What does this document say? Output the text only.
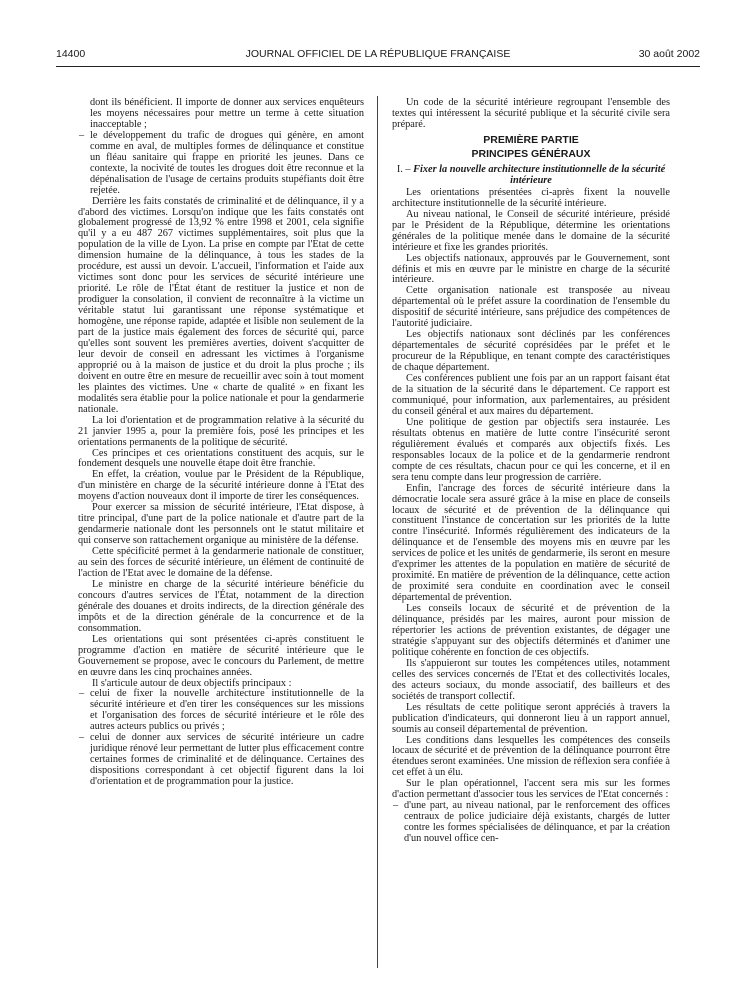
14400	JOURNAL OFFICIEL DE LA RÉPUBLIQUE FRANÇAISE	30 août 2002

dont ils bénéficient. Il importe de donner aux services enquêteurs les moyens nécessaires pour mettre un terme à cette situation inacceptable ;

– le développement du trafic de drogues qui génère, en amont comme en aval, de multiples formes de délinquance et constitue un fléau sanitaire qui frappe en priorité les jeunes. Dans ce contexte, la nocivité de toutes les drogues doit être reconnue et la dépénalisation de l'usage de certains produits stupéfiants doit être rejetée.

Derrière les faits constatés de criminalité et de délinquance, il y a d'abord des victimes. Lorsqu'on indique que les faits constatés ont globalement progressé de 13,92 % entre 1998 et 2001, cela signifie qu'il y a eu 487 267 victimes supplémentaires, soit plus que la population de la ville de Lyon. La prise en compte par l'Etat de cette dimension humaine de la délinquance, à tous les stades de la procédure, est aussi un devoir. L'accueil, l'information et l'aide aux victimes sont donc pour les services de sécurité intérieure une priorité. Le rôle de l'État étant de restituer la justice et non de prodiguer la consolation, il convient de reconnaître à la victime un véritable statut lui garantissant une réponse systématique et homogène, une réponse rapide, adaptée et lisible non seulement de la part de la justice mais également des forces de sécurité qui, parce qu'elles sont souvent les premières averties, doivent s'acquitter de leur devoir de conseil en adressant les victimes à l'organisme approprié ou à la maison de justice et du droit la plus proche ; ils doivent en outre être en mesure de recueillir avec soin à tout moment les plaintes des victimes. Une « charte de qualité » en fixant les modalités sera établie pour la police nationale et pour la gendarmerie nationale.

La loi d'orientation et de programmation relative à la sécurité du 21 janvier 1995 a, pour la première fois, posé les principes et les orientations permanents de la politique de sécurité.

Ces principes et ces orientations constituent des acquis, sur le fondement desquels une nouvelle étape doit être franchie.

En effet, la création, voulue par le Président de la République, d'un ministère en charge de la sécurité intérieure donne à l'Etat des moyens d'action nouveaux dont il importe de tirer les conséquences.

Pour exercer sa mission de sécurité intérieure, l'Etat dispose, à titre principal, d'une part de la police nationale et d'autre part de la gendarmerie nationale dont les personnels ont le statut militaire et qui conserve son rattachement organique au ministère de la défense.

Cette spécificité permet à la gendarmerie nationale de constituer, au sein des forces de sécurité intérieure, un élément de continuité de l'action de l'Etat avec le domaine de la défense.

Le ministre en charge de la sécurité intérieure bénéficie du concours d'autres services de l'État, notamment de la direction générale des douanes et droits indirects, de la direction générale des impôts et de la direction générale de la concurrence et de la consommation.

Les orientations qui sont présentées ci-après constituent le programme d'action en matière de sécurité intérieure que le Gouvernement se propose, avec le concours du Parlement, de mettre en œuvre dans les cinq prochaines années.

Il s'articule autour de deux objectifs principaux :

– celui de fixer la nouvelle architecture institutionnelle de la sécurité intérieure et d'en tirer les conséquences sur les missions et l'organisation des forces de sécurité intérieure et le rôle des autres acteurs publics ou privés ;
– celui de donner aux services de sécurité intérieure un cadre juridique rénové leur permettant de lutter plus efficacement contre certaines formes de criminalité et de délinquance. Certaines des dispositions correspondant à cet objectif figurent dans la loi d'orientation et de programmation pour la justice.

Un code de la sécurité intérieure regroupant l'ensemble des textes qui intéressent la sécurité publique et la sécurité civile sera préparé.

PREMIÈRE PARTIE
PRINCIPES GÉNÉRAUX
I. – Fixer la nouvelle architecture institutionnelle de la sécurité intérieure

Les orientations présentées ci-après fixent la nouvelle architecture institutionnelle de la sécurité intérieure.

Au niveau national, le Conseil de sécurité intérieure, présidé par le Président de la République, détermine les orientations générales de la politique menée dans le domaine de la sécurité intérieure et fixe les grandes priorités.

Les objectifs nationaux, approuvés par le Gouvernement, sont définis et mis en œuvre par le ministre en charge de la sécurité intérieure.

Cette organisation nationale est transposée au niveau départemental où le préfet assure la coordination de l'ensemble du dispositif de sécurité intérieure, sans préjudice des compétences de l'autorité judiciaire.

Les objectifs nationaux sont déclinés par les conférences départementales de sécurité coprésidées par le préfet et le procureur de la République, en tenant compte des caractéristiques de chaque département.

Ces conférences publient une fois par an un rapport faisant état de la situation de la sécurité dans le département. Ce rapport est communiqué, pour information, aux parlementaires, au président du conseil général et aux maires du département.

Une politique de gestion par objectifs sera instaurée. Les résultats obtenus en matière de lutte contre l'insécurité seront régulièrement évalués et comparés aux objectifs fixés. Les responsables locaux de la police et de la gendarmerie rendront compte de ces résultats, chacun pour ce qui les concerne, et il en sera tenu compte dans leur progression de carrière.

Enfin, l'ancrage des forces de sécurité intérieure dans la démocratie locale sera assuré grâce à la mise en place de conseils locaux de sécurité et de prévention de la délinquance qui constituent l'instance de concertation sur les priorités de la lutte contre l'insécurité. Informés régulièrement des indicateurs de la délinquance et de l'ensemble des moyens mis en œuvre par les services de police et les unités de gendarmerie, ils seront en mesure d'exprimer les attentes de la population en matière de sécurité de proximité. En matière de prévention de la délinquance, cette action de proximité sera conduite en coordination avec le conseil départemental de prévention.

Les conseils locaux de sécurité et de prévention de la délinquance, présidés par les maires, auront pour mission de répertorier les actions de prévention existantes, de dégager une stratégie s'appuyant sur des objectifs déterminés et d'animer une politique cohérente en fonction de ces objectifs.

Ils s'appuieront sur toutes les compétences utiles, notamment celles des services concernés de l'Etat et des collectivités locales, des acteurs sociaux, du monde associatif, des bailleurs et des sociétés de transport collectif.

Les résultats de cette politique seront appréciés à travers la publication d'indicateurs, qui donneront lieu à un rapport annuel, soumis au conseil départemental de prévention.

Les conditions dans lesquelles les compétences des conseils locaux de sécurité et de prévention de la délinquance pourront être étendues seront examinées. Une mission de réflexion sera confiée à cet effet à un élu.

Sur le plan opérationnel, l'accent sera mis sur les formes d'action permettant d'associer tous les services de l'Etat concernés :

– d'une part, au niveau national, par le renforcement des offices centraux de police judiciaire déjà existants, chargés de lutter contre les formes spécialisées de délinquance, et par la création d'un nouvel office cen-
